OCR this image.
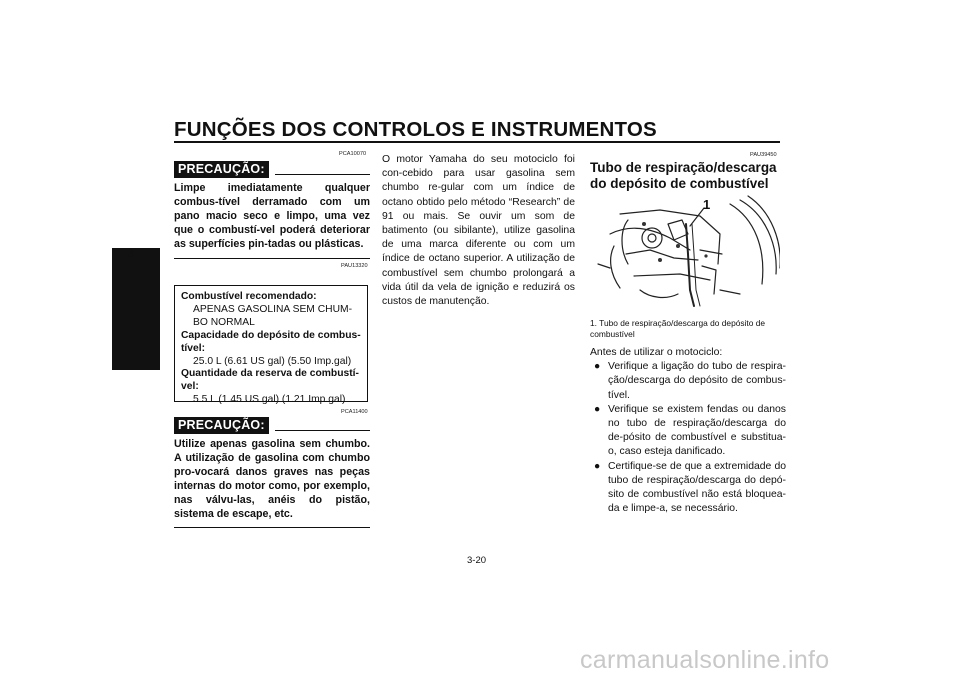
FUNÇÕES DOS CONTROLOS E INSTRUMENTOS
3
PCA10070
PRECAUÇÃO:
Limpe imediatamente qualquer combus-tível derramado com um pano macio seco e limpo, uma vez que o combustí-vel poderá deteriorar as superfícies pin-tadas ou plásticas.
PAU13320
Combustível recomendado:
APENAS GASOLINA SEM CHUM-BO NORMAL
Capacidade do depósito de combus-tível:
25.0 L (6.61 US gal) (5.50 Imp.gal)
Quantidade da reserva de combustí-vel:
5.5 L (1.45 US gal) (1.21 Imp.gal)
PCA11400
PRECAUÇÃO:
Utilize apenas gasolina sem chumbo. A utilização de gasolina com chumbo pro-vocará danos graves nas peças internas do motor como, por exemplo, nas válvu-las, anéis do pistão, sistema de escape, etc.
O motor Yamaha do seu motociclo foi con-cebido para usar gasolina sem chumbo re-gular com um índice de octano obtido pelo método “Research” de 91 ou mais. Se ouvir um som de batimento (ou sibilante), utilize gasolina de uma marca diferente ou com um índice de octano superior. A utilização de combustível sem chumbo prolongará a vida útil da vela de ignição e reduzirá os custos de manutenção.
PAU39450
Tubo de respiração/descarga do depósito de combustível
1
1. Tubo de respiração/descarga do depósito de combustível
Antes de utilizar o motociclo:
● Verifique a ligação do tubo de respira-ção/descarga do depósito de combus-tível.
● Verifique se existem fendas ou danos no tubo de respiração/descarga do de-pósito de combustível e substitua-o, caso esteja danificado.
● Certifique-se de que a extremidade do tubo de respiração/descarga do depó-sito de combustível não está bloquea-da e limpe-a, se necessário.
3-20
carmanualsonline.info
